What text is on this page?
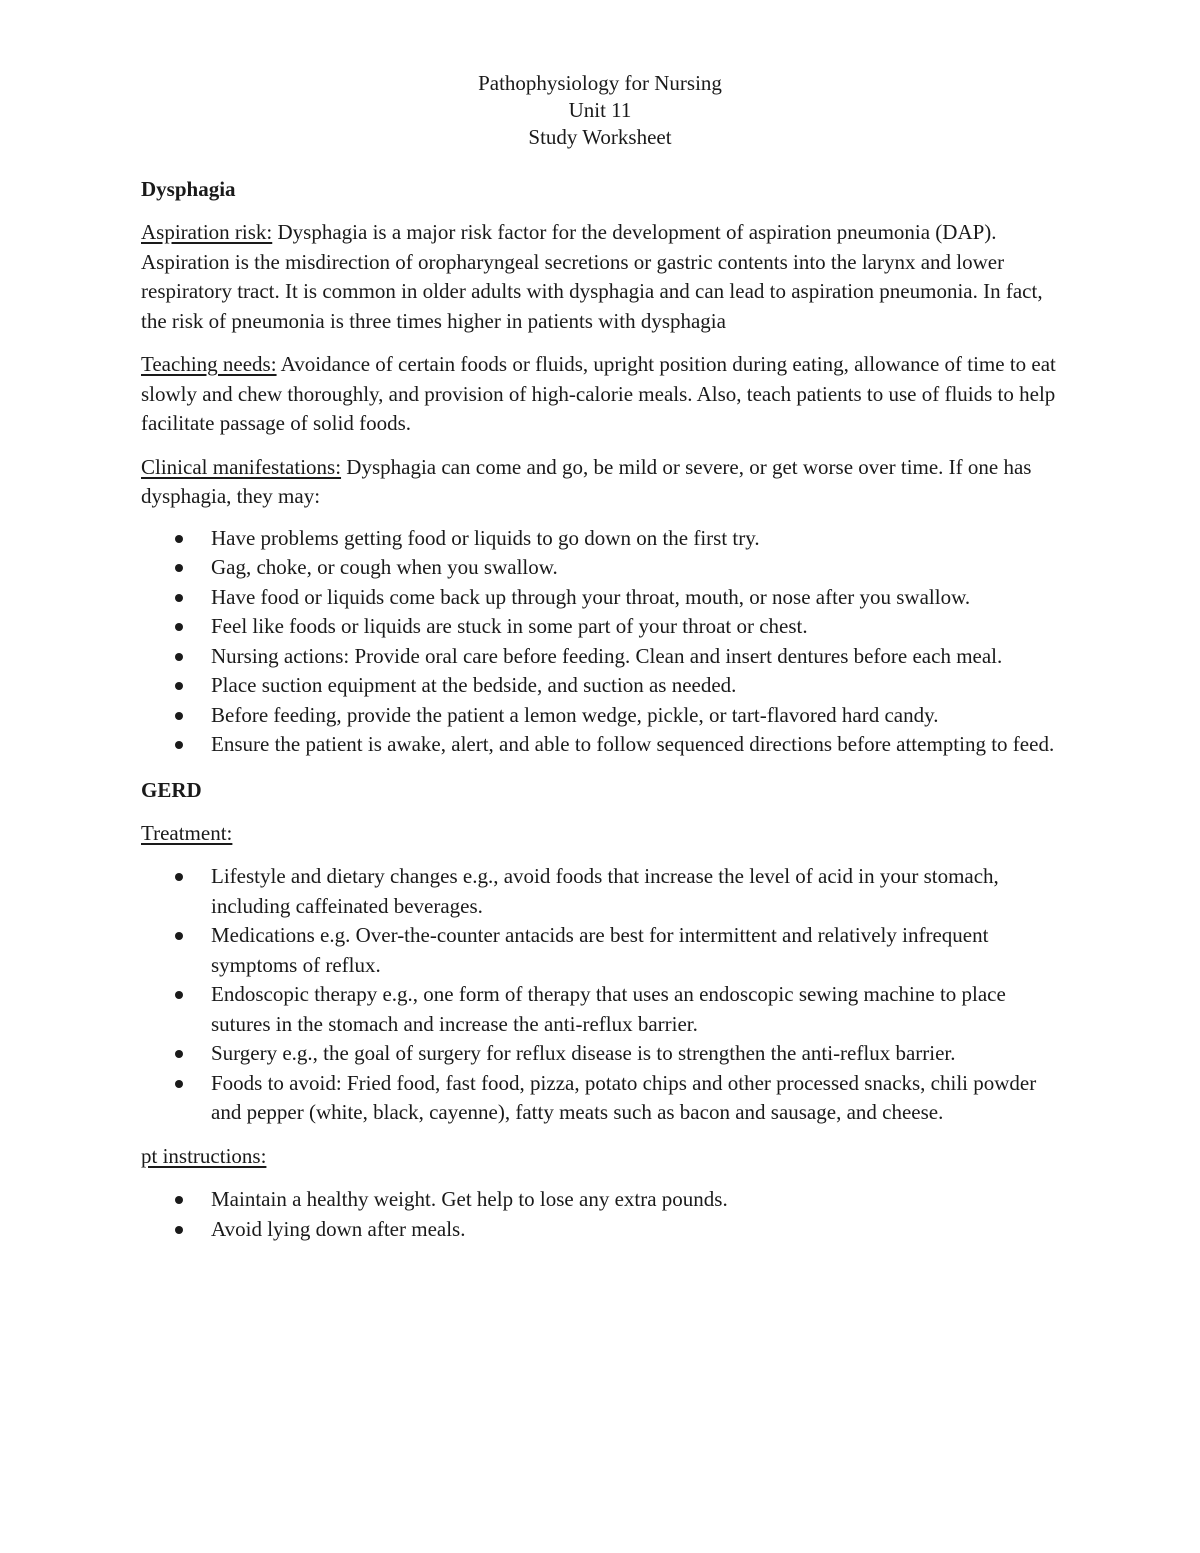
Pathophysiology for Nursing
Unit 11
Study Worksheet
Dysphagia

Aspiration risk: Dysphagia is a major risk factor for the development of aspiration pneumonia (DAP). Aspiration is the misdirection of oropharyngeal secretions or gastric contents into the larynx and lower respiratory tract. It is common in older adults with dysphagia and can lead to aspiration pneumonia. In fact, the risk of pneumonia is three times higher in patients with dysphagia

Teaching needs: Avoidance of certain foods or fluids, upright position during eating, allowance of time to eat slowly and chew thoroughly, and provision of high-calorie meals. Also, teach patients to use of fluids to help facilitate passage of solid foods.

Clinical manifestations: Dysphagia can come and go, be mild or severe, or get worse over time. If one has dysphagia, they may:

Have problems getting food or liquids to go down on the first try.
Gag, choke, or cough when you swallow.
Have food or liquids come back up through your throat, mouth, or nose after you swallow.
Feel like foods or liquids are stuck in some part of your throat or chest.
Nursing actions: Provide oral care before feeding. Clean and insert dentures before each meal.
Place suction equipment at the bedside, and suction as needed.
Before feeding, provide the patient a lemon wedge, pickle, or tart-flavored hard candy.
Ensure the patient is awake, alert, and able to follow sequenced directions before attempting to feed.
GERD

Treatment:

Lifestyle and dietary changes e.g., avoid foods that increase the level of acid in your stomach, including caffeinated beverages.
Medications e.g. Over-the-counter antacids are best for intermittent and relatively infrequent symptoms of reflux.
Endoscopic therapy e.g., one form of therapy that uses an endoscopic sewing machine to place sutures in the stomach and increase the anti-reflux barrier.
Surgery e.g., the goal of surgery for reflux disease is to strengthen the anti-reflux barrier.
Foods to avoid: Fried food, fast food, pizza, potato chips and other processed snacks, chili powder and pepper (white, black, cayenne), fatty meats such as bacon and sausage, and cheese.

pt instructions:

Maintain a healthy weight. Get help to lose any extra pounds.
Avoid lying down after meals.
